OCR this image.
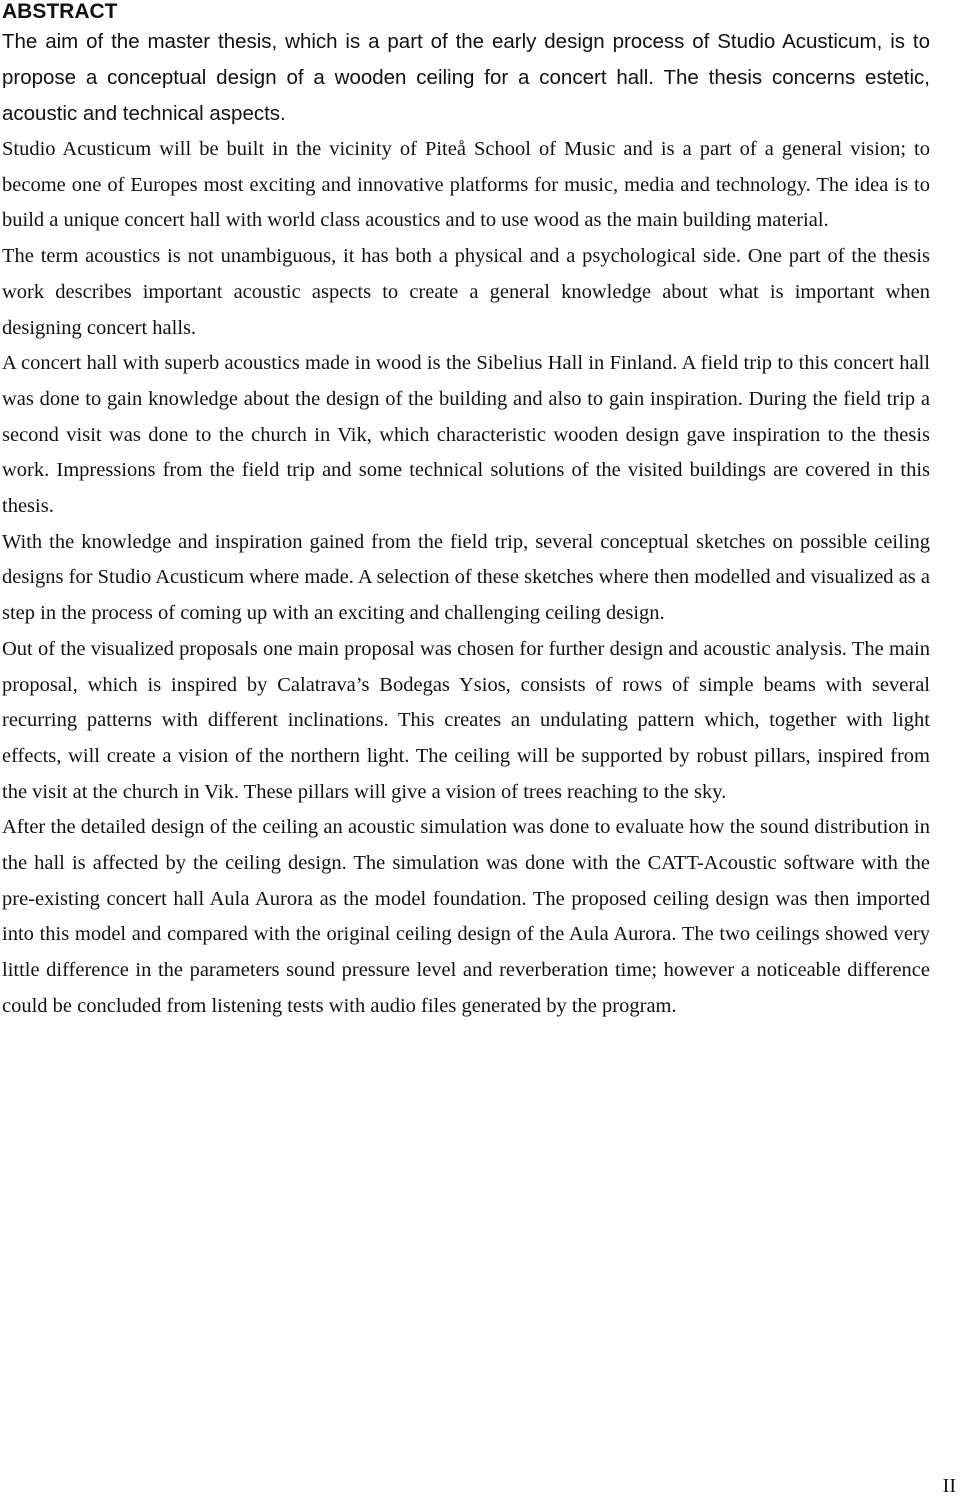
ABSTRACT

The aim of the master thesis, which is a part of the early design process of Studio Acusticum, is to propose a conceptual design of a wooden ceiling for a concert hall. The thesis concerns estetic, acoustic and technical aspects.

Studio Acusticum will be built in the vicinity of Piteå School of Music and is a part of a general vision; to become one of Europes most exciting and innovative platforms for music, media and technology. The idea is to build a unique concert hall with world class acoustics and to use wood as the main building material.

The term acoustics is not unambiguous, it has both a physical and a psychological side. One part of the thesis work describes important acoustic aspects to create a general knowledge about what is important when designing concert halls.

A concert hall with superb acoustics made in wood is the Sibelius Hall in Finland. A field trip to this concert hall was done to gain knowledge about the design of the building and also to gain inspiration. During the field trip a second visit was done to the church in Vik, which characteristic wooden design gave inspiration to the thesis work. Impressions from the field trip and some technical solutions of the visited buildings are covered in this thesis.

With the knowledge and inspiration gained from the field trip, several conceptual sketches on possible ceiling designs for Studio Acusticum where made. A selection of these sketches where then modelled and visualized as a step in the process of coming up with an exciting and challenging ceiling design.

Out of the visualized proposals one main proposal was chosen for further design and acoustic analysis. The main proposal, which is inspired by Calatrava’s Bodegas Ysios, consists of rows of simple beams with several recurring patterns with different inclinations. This creates an undulating pattern which, together with light effects, will create a vision of the northern light. The ceiling will be supported by robust pillars, inspired from the visit at the church in Vik. These pillars will give a vision of trees reaching to the sky.

After the detailed design of the ceiling an acoustic simulation was done to evaluate how the sound distribution in the hall is affected by the ceiling design. The simulation was done with the CATT-Acoustic software with the pre-existing concert hall Aula Aurora as the model foundation. The proposed ceiling design was then imported into this model and compared with the original ceiling design of the Aula Aurora. The two ceilings showed very little difference in the parameters sound pressure level and reverberation time; however a noticeable difference could be concluded from listening tests with audio files generated by the program.

II
